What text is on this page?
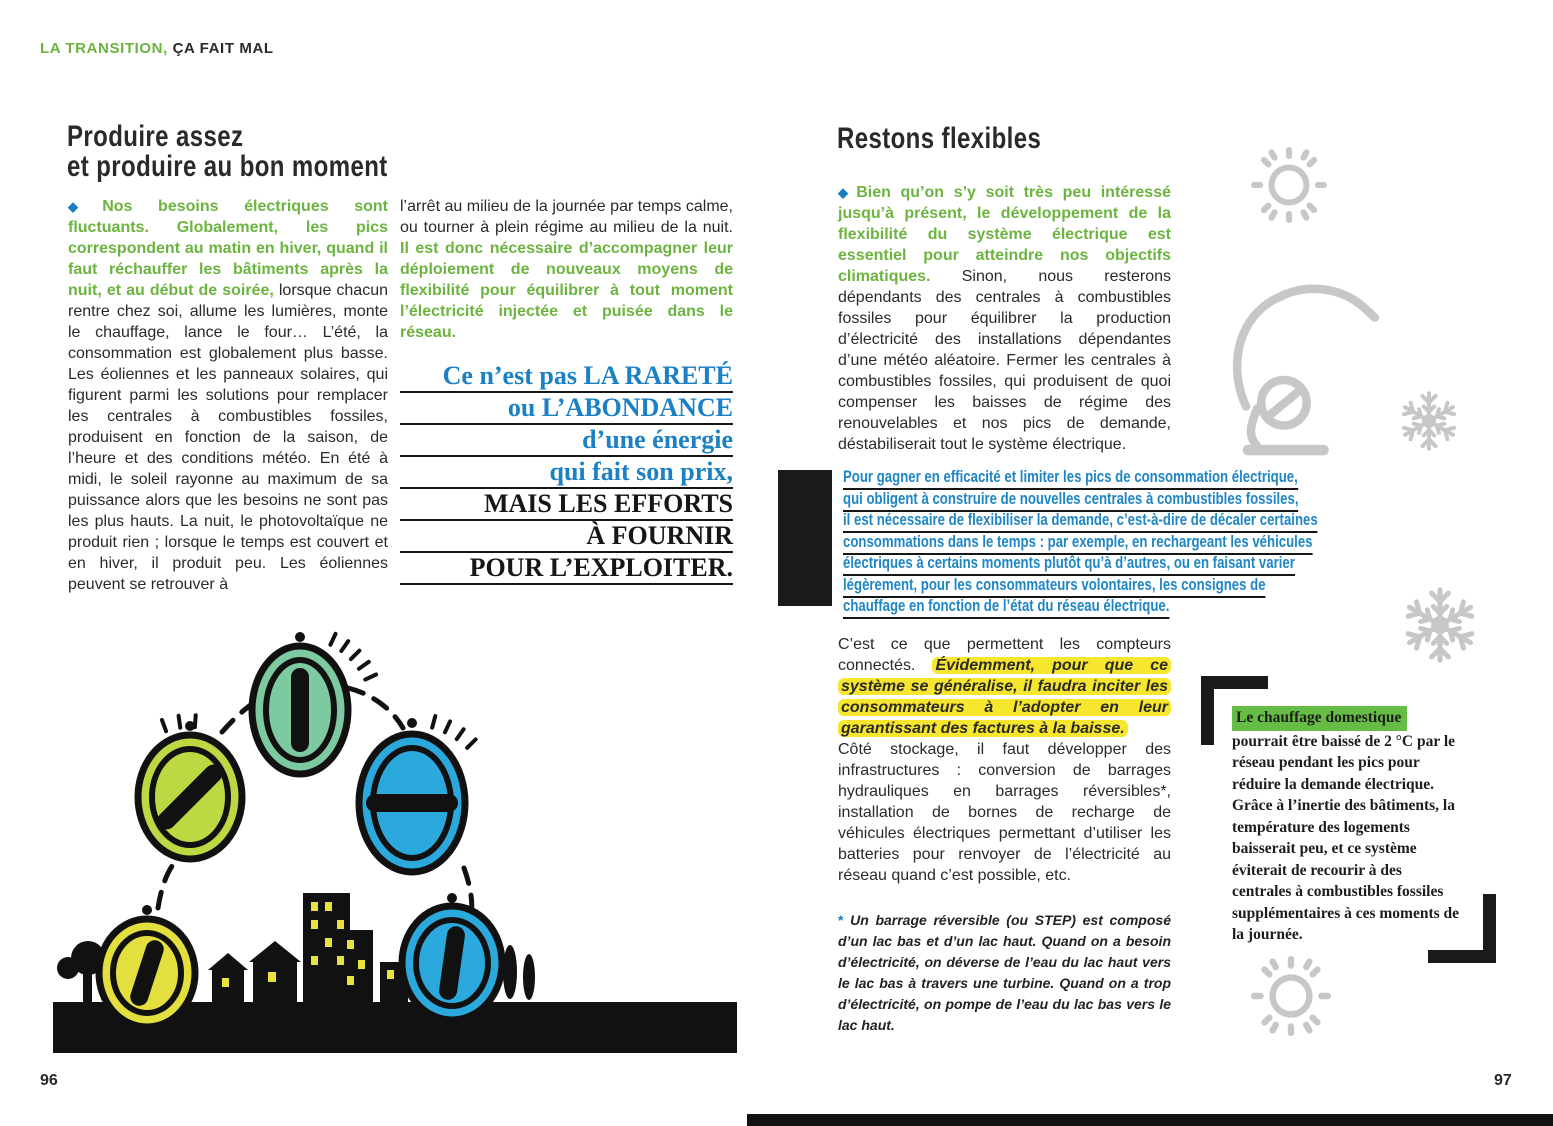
LA TRANSITION, ÇA FAIT MAL
Produire assez
et produire au bon moment
◆ Nos besoins électriques sont fluctuants. Globalement, les pics correspondent au matin en hiver, quand il faut réchauffer les bâtiments après la nuit, et au début de soirée, lorsque chacun rentre chez soi, allume les lumières, monte le chauffage, lance le four… L’été, la consommation est globalement plus basse. Les éoliennes et les panneaux solaires, qui figurent parmi les solutions pour remplacer les centrales à combustibles fossiles, produisent en fonction de la saison, de l’heure et des conditions météo. En été à midi, le soleil rayonne au maximum de sa puissance alors que les besoins ne sont pas les plus hauts. La nuit, le photovoltaïque ne produit rien ; lorsque le temps est couvert et en hiver, il produit peu. Les éoliennes peuvent se retrouver à
l’arrêt au milieu de la journée par temps calme, ou tourner à plein régime au milieu de la nuit. Il est donc nécessaire d’accompagner leur déploiement de nouveaux moyens de flexibilité pour équilibrer à tout moment l’électricité injectée et puisée dans le réseau.
Ce n’est pas LA RARETÉ
ou L’ABONDANCE
d’une énergie
qui fait son prix,
MAIS LES EFFORTS
À FOURNIR
POUR L’EXPLOITER.
96
Restons flexibles
◆ Bien qu’on s’y soit très peu intéressé jusqu’à présent, le développement de la flexibilité du système électrique est essentiel pour atteindre nos objectifs climatiques. Sinon, nous resterons dépendants des centrales à combustibles fossiles pour équilibrer la production d’électricité des installations dépendantes d’une météo aléatoire. Fermer les centrales à combustibles fossiles, qui produisent de quoi compenser les baisses de régime des renouvelables et nos pics de demande, déstabiliserait tout le système électrique.
Pour gagner en efficacité et limiter les pics de consommation électrique,
qui obligent à construire de nouvelles centrales à combustibles fossiles,
il est nécessaire de flexibiliser la demande, c’est-à-dire de décaler certaines
consommations dans le temps : par exemple, en rechargeant les véhicules
électriques à certains moments plutôt qu’à d’autres, ou en faisant varier
légèrement, pour les consommateurs volontaires, les consignes de
chauffage en fonction de l’état du réseau électrique.
C’est ce que permettent les compteurs connectés. Évidemment, pour que ce système se généralise, il faudra inciter les consommateurs à l’adopter en leur garantissant des factures à la baisse.
Côté stockage, il faut développer des infrastructures : conversion de barrages hydrauliques en barrages réversibles*, installation de bornes de recharge de véhicules électriques permettant d’utiliser les batteries pour renvoyer de l’électricité au réseau quand c’est possible, etc.
* Un barrage réversible (ou STEP) est composé d’un lac bas et d’un lac haut. Quand on a besoin d’électricité, on déverse de l’eau du lac haut vers le lac bas à travers une turbine. Quand on a trop d’électricité, on pompe de l’eau du lac bas vers le lac haut.
Le chauffage domestique pourrait être baissé de 2 °C par le réseau pendant les pics pour réduire la demande électrique. Grâce à l’inertie des bâtiments, la température des logements baisserait peu, et ce système éviterait de recourir à des centrales à combustibles fossiles supplémentaires à ces moments de la journée.
97
